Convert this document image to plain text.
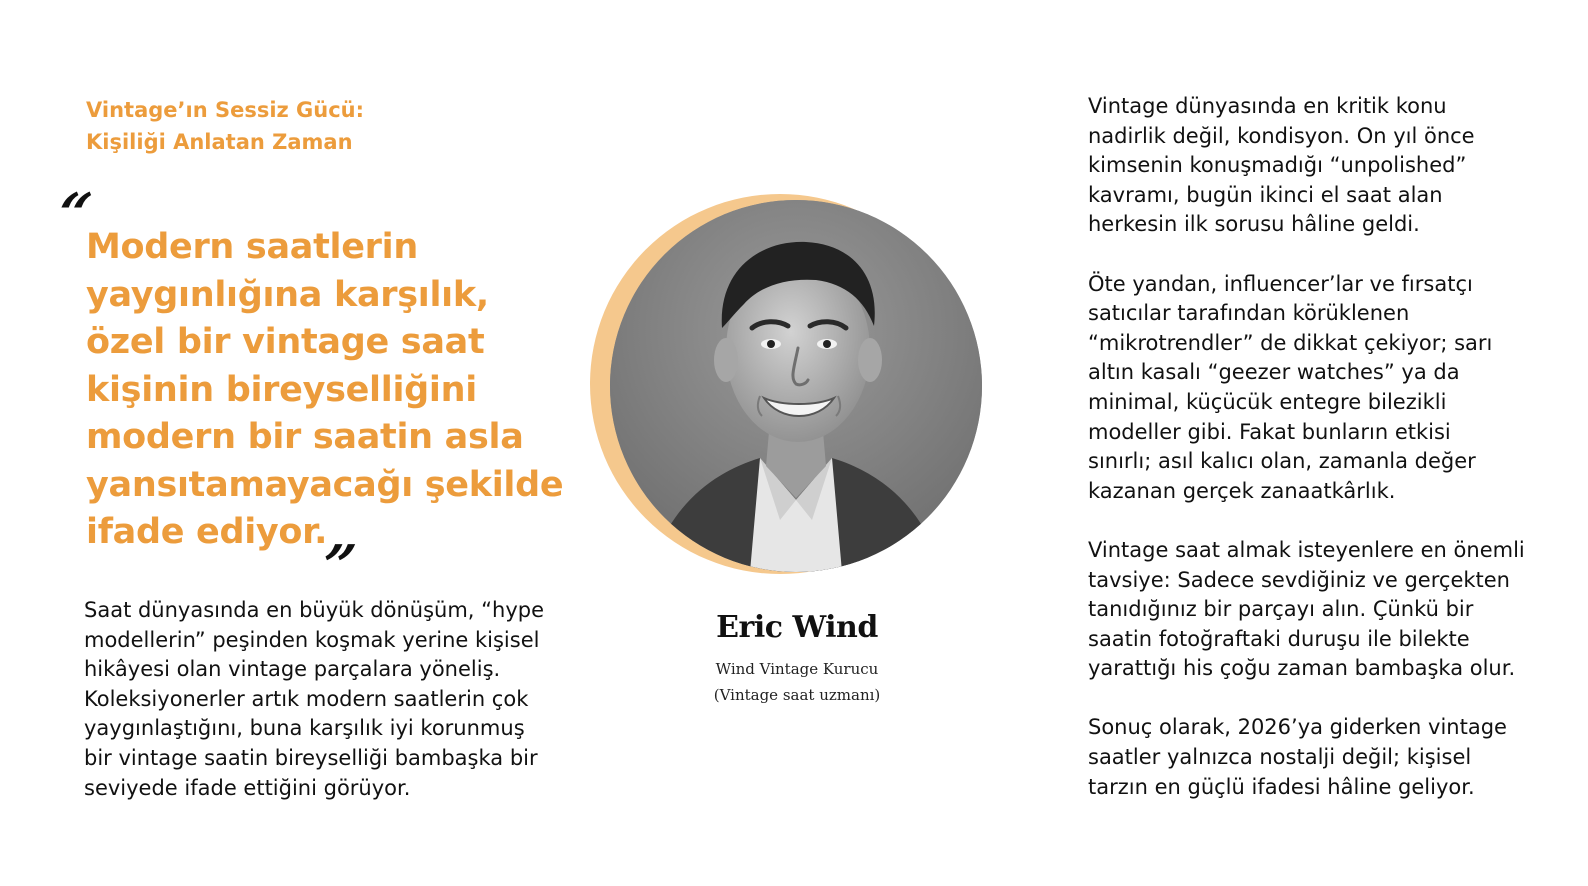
Vintage’ın Sessiz Gücü:
Kişiliği Anlatan Zaman
“
Modern saatlerin
yaygınlığına karşılık,
özel bir vintage saat
kişinin bireyselliğini
modern bir saatin asla
yansıtamayacağı şekilde
ifade ediyor.
”
Saat dünyasında en büyük dönüşüm, “hype
modellerin” peşinden koşmak yerine kişisel
hikâyesi olan vintage parçalara yöneliş.
Koleksiyonerler artık modern saatlerin çok
yaygınlaştığını, buna karşılık iyi korunmuş
bir vintage saatin bireyselliği bambaşka bir
seviyede ifade ettiğini görüyor.
Eric Wind
Wind Vintage Kurucu
(Vintage saat uzmanı)
Vintage dünyasında en kritik konu
nadirlik değil, kondisyon. On yıl önce
kimsenin konuşmadığı “unpolished”
kavramı, bugün ikinci el saat alan
herkesin ilk sorusu hâline geldi.
Öte yandan, influencer’lar ve fırsatçı
satıcılar tarafından körüklenen
“mikrotrendler” de dikkat çekiyor; sarı
altın kasalı “geezer watches” ya da
minimal, küçücük entegre bilezikli
modeller gibi. Fakat bunların etkisi
sınırlı; asıl kalıcı olan, zamanla değer
kazanan gerçek zanaatkârlık.
Vintage saat almak isteyenlere en önemli
tavsiye: Sadece sevdiğiniz ve gerçekten
tanıdığınız bir parçayı alın. Çünkü bir
saatin fotoğraftaki duruşu ile bilekte
yarattığı his çoğu zaman bambaşka olur.
Sonuç olarak, 2026’ya giderken vintage
saatler yalnızca nostalji değil; kişisel
tarzın en güçlü ifadesi hâline geliyor.
